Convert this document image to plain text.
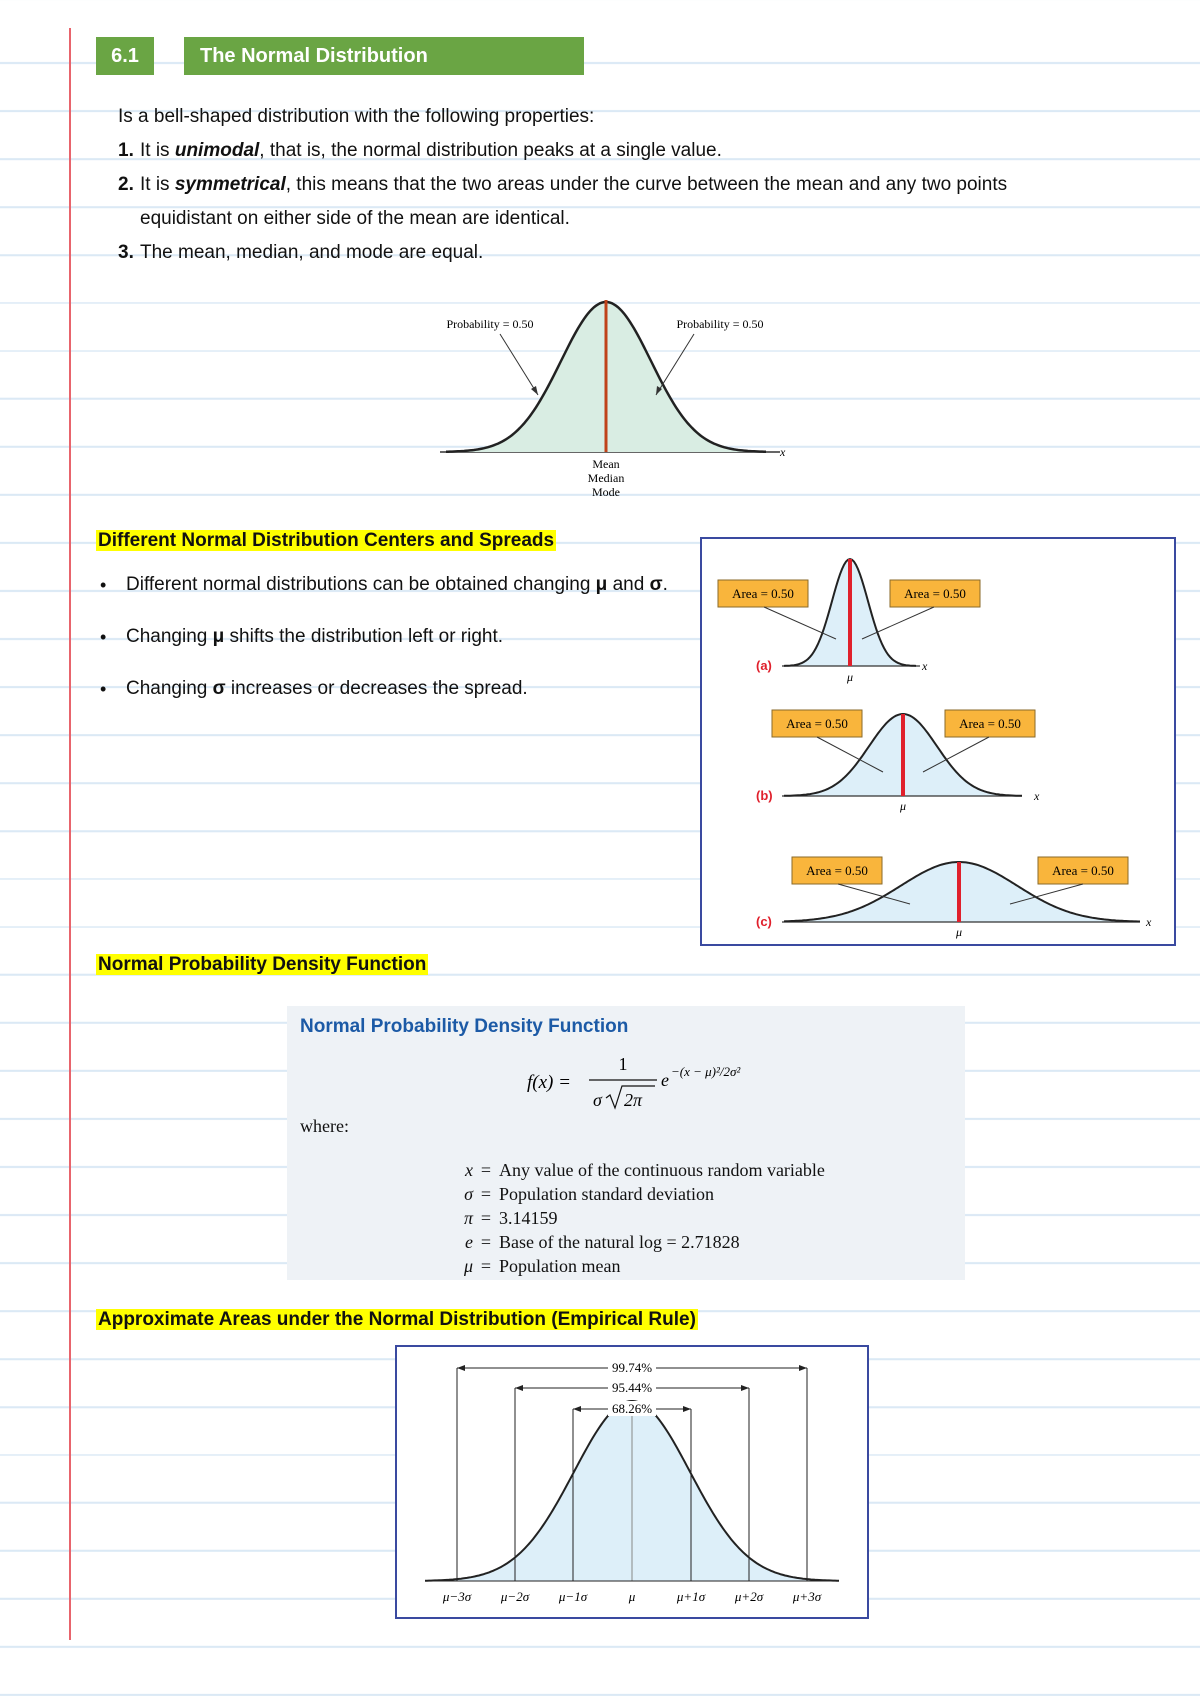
6.1	The Normal Distribution
Is a bell-shaped distribution with the following properties:
1. It is unimodal, that is, the normal distribution peaks at a single value.
2. It is symmetrical, this means that the two areas under the curve between the mean and any two points
equidistant on either side of the mean are identical.
3. The mean, median, and mode are equal.
Probability = 0.50	Probability = 0.50
x
Mean
Median
Mode
Different Normal Distribution Centers and Spreads
• Different normal distributions can be obtained changing μ and σ.
• Changing μ shifts the distribution left or right.
• Changing σ increases or decreases the spread.
Area = 0.50	Area = 0.50
(a)	x
μ
Area = 0.50	Area = 0.50
(b)	x
μ
Area = 0.50	Area = 0.50
(c)	x
μ
Normal Probability Density Function
Normal Probability Density Function
f(x) =
1
σ 2π
e −(x − μ)²/2σ²
where:
x = Any value of the continuous random variable
σ = Population standard deviation
π = 3.14159
e = Base of the natural log = 2.71828
μ = Population mean
Approximate Areas under the Normal Distribution (Empirical Rule)
68.26%
95.44%
99.74%
μ−3σ μ−2σ μ−1σ	μ	μ+1σ μ+2σ μ+3σ
